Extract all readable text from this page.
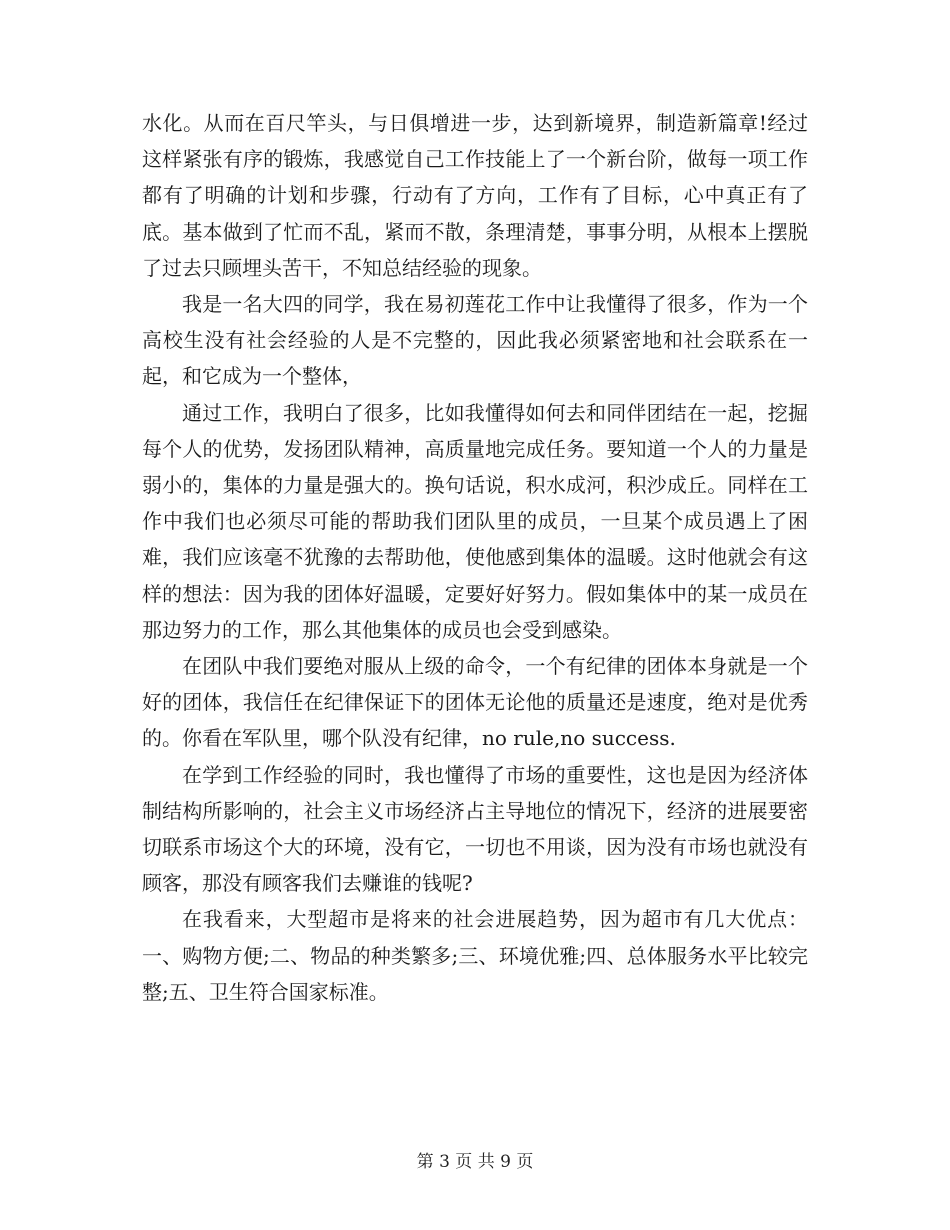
水化。从而在百尺竿头，与日俱增进一步，达到新境界，制造新篇章!经过这样紧张有序的锻炼，我感觉自己工作技能上了一个新台阶，做每一项工作都有了明确的计划和步骤，行动有了方向，工作有了目标，心中真正有了底。基本做到了忙而不乱，紧而不散，条理清楚，事事分明，从根本上摆脱了过去只顾埋头苦干，不知总结经验的现象。

我是一名大四的同学，我在易初莲花工作中让我懂得了很多，作为一个高校生没有社会经验的人是不完整的，因此我必须紧密地和社会联系在一起，和它成为一个整体，

通过工作，我明白了很多，比如我懂得如何去和同伴团结在一起，挖掘每个人的优势，发扬团队精神，高质量地完成任务。要知道一个人的力量是弱小的，集体的力量是强大的。换句话说，积水成河，积沙成丘。同样在工作中我们也必须尽可能的帮助我们团队里的成员，一旦某个成员遇上了困难，我们应该毫不犹豫的去帮助他，使他感到集体的温暖。这时他就会有这样的想法：因为我的团体好温暖，定要好好努力。假如集体中的某一成员在那边努力的工作，那么其他集体的成员也会受到感染。

在团队中我们要绝对服从上级的命令，一个有纪律的团体本身就是一个好的团体，我信任在纪律保证下的团体无论他的质量还是速度，绝对是优秀的。你看在军队里，哪个队没有纪律，no rule,no success.

在学到工作经验的同时，我也懂得了市场的重要性，这也是因为经济体制结构所影响的，社会主义市场经济占主导地位的情况下，经济的进展要密切联系市场这个大的环境，没有它，一切也不用谈，因为没有市场也就没有顾客，那没有顾客我们去赚谁的钱呢?

在我看来，大型超市是将来的社会进展趋势，因为超市有几大优点：一、购物方便;二、物品的种类繁多;三、环境优雅;四、总体服务水平比较完整;五、卫生符合国家标准。

第 3 页 共 9 页
